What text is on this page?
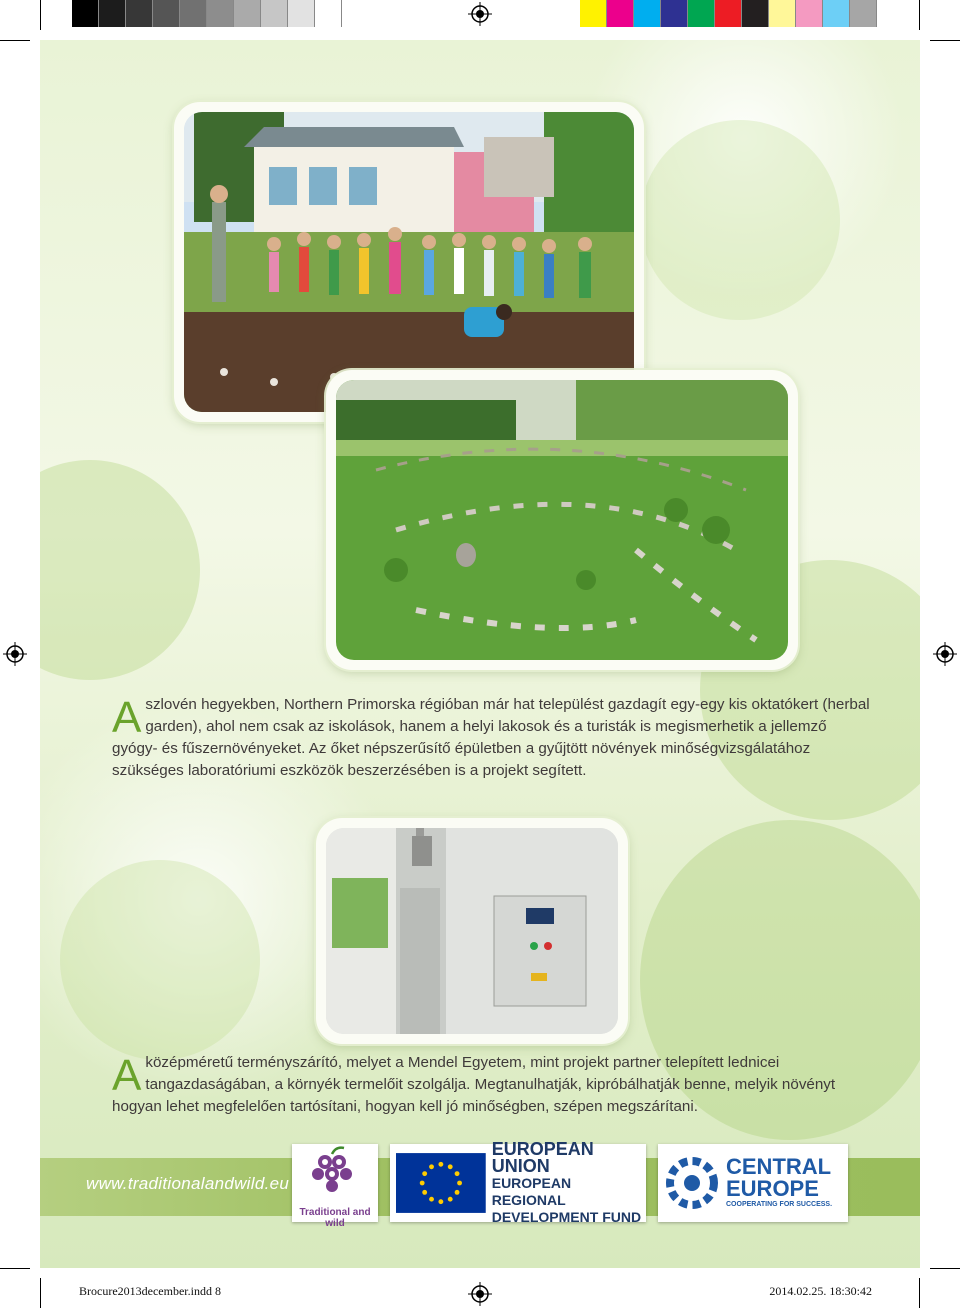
Aszlovén hegyekben, Northern Primorska régióban már hat települést gazdagít egy-egy kis oktatókert (herbal garden), ahol nem csak az iskolások, hanem a helyi lakosok és a turisták is megismerhetik a jellemző gyógy- és fűszernövényeket. Az őket népszerűsítő épületben a gyűjtött növények minőségvizsgálatához szükséges laboratóriumi eszközök beszerzésében is a projekt segített.
Aközépméretű terményszárító, melyet a Mendel Egyetem, mint projekt partner telepített lednicei tangazdaságában, a környék termelőit szolgálja. Megtanulhatják, kipróbálhatják benne, melyik növényt hogyan lehet megfelelően tartósítani, hogyan kell jó minőségben, szépen megszárítani.
www.traditionalandwild.eu
Traditional and wild
EUROPEAN UNION
EUROPEAN REGIONAL
DEVELOPMENT FUND
CENTRAL
EUROPE
COOPERATING FOR SUCCESS.
Brocure2013december.indd 8	2014.02.25. 18:30:42
